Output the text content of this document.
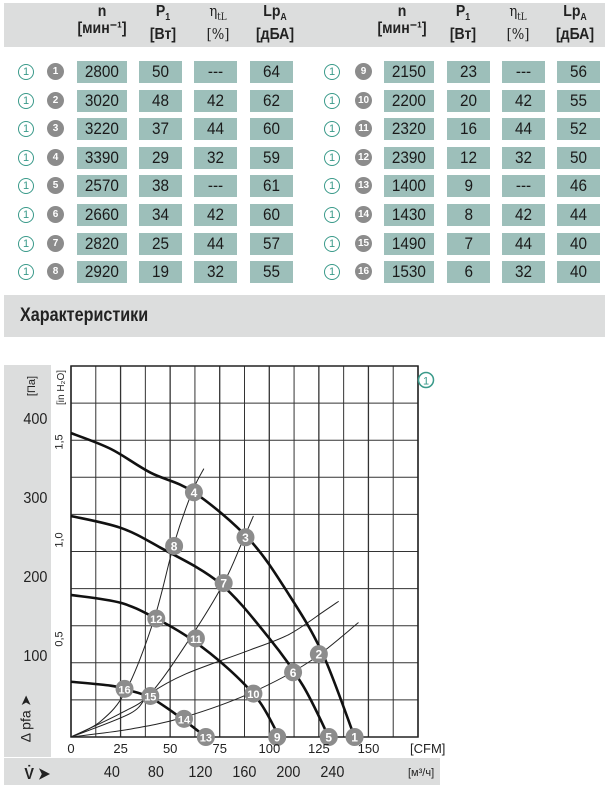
n
[мин⁻¹]
$P_1$
[Вт]
$\eta_{tL}$
[%]
$Lp_A$
[дБА]
n
[мин⁻¹]
$P_1$
[Вт]
$\eta_{tL}$
[%]
$Lp_A$
[дБА]
1	1	2800	50	---	64
1	2	3020	48	42	62
1	3	3220	37	44	60
1	4	3390	29	32	59
1	5	2570	38	---	61
1	6	2660	34	42	60
1	7	2820	25	44	57
1	8	2920	19	32	55
1	9	2150	23	---	56
1	10	2200	20	42	55
1	11	2320	16	44	52
1	12	2390	12	32	50
1	13	1400	9	---	46
1	14	1430	8	42	44
1	15	1490	7	44	40
1	16	1530	6	32	40
Характеристики
1
2
3
4
5
6
7
8
9
10
11
12
13
14
15
16
1
0	25	50	75 100 125 150 [CFM]
40 80 120 160 200 240	[м³/ч]
V̇ ➤
100
200
300
400
[Па]
Δ pfa ➤
0,5
1,0
1,5
[in H₂O]
